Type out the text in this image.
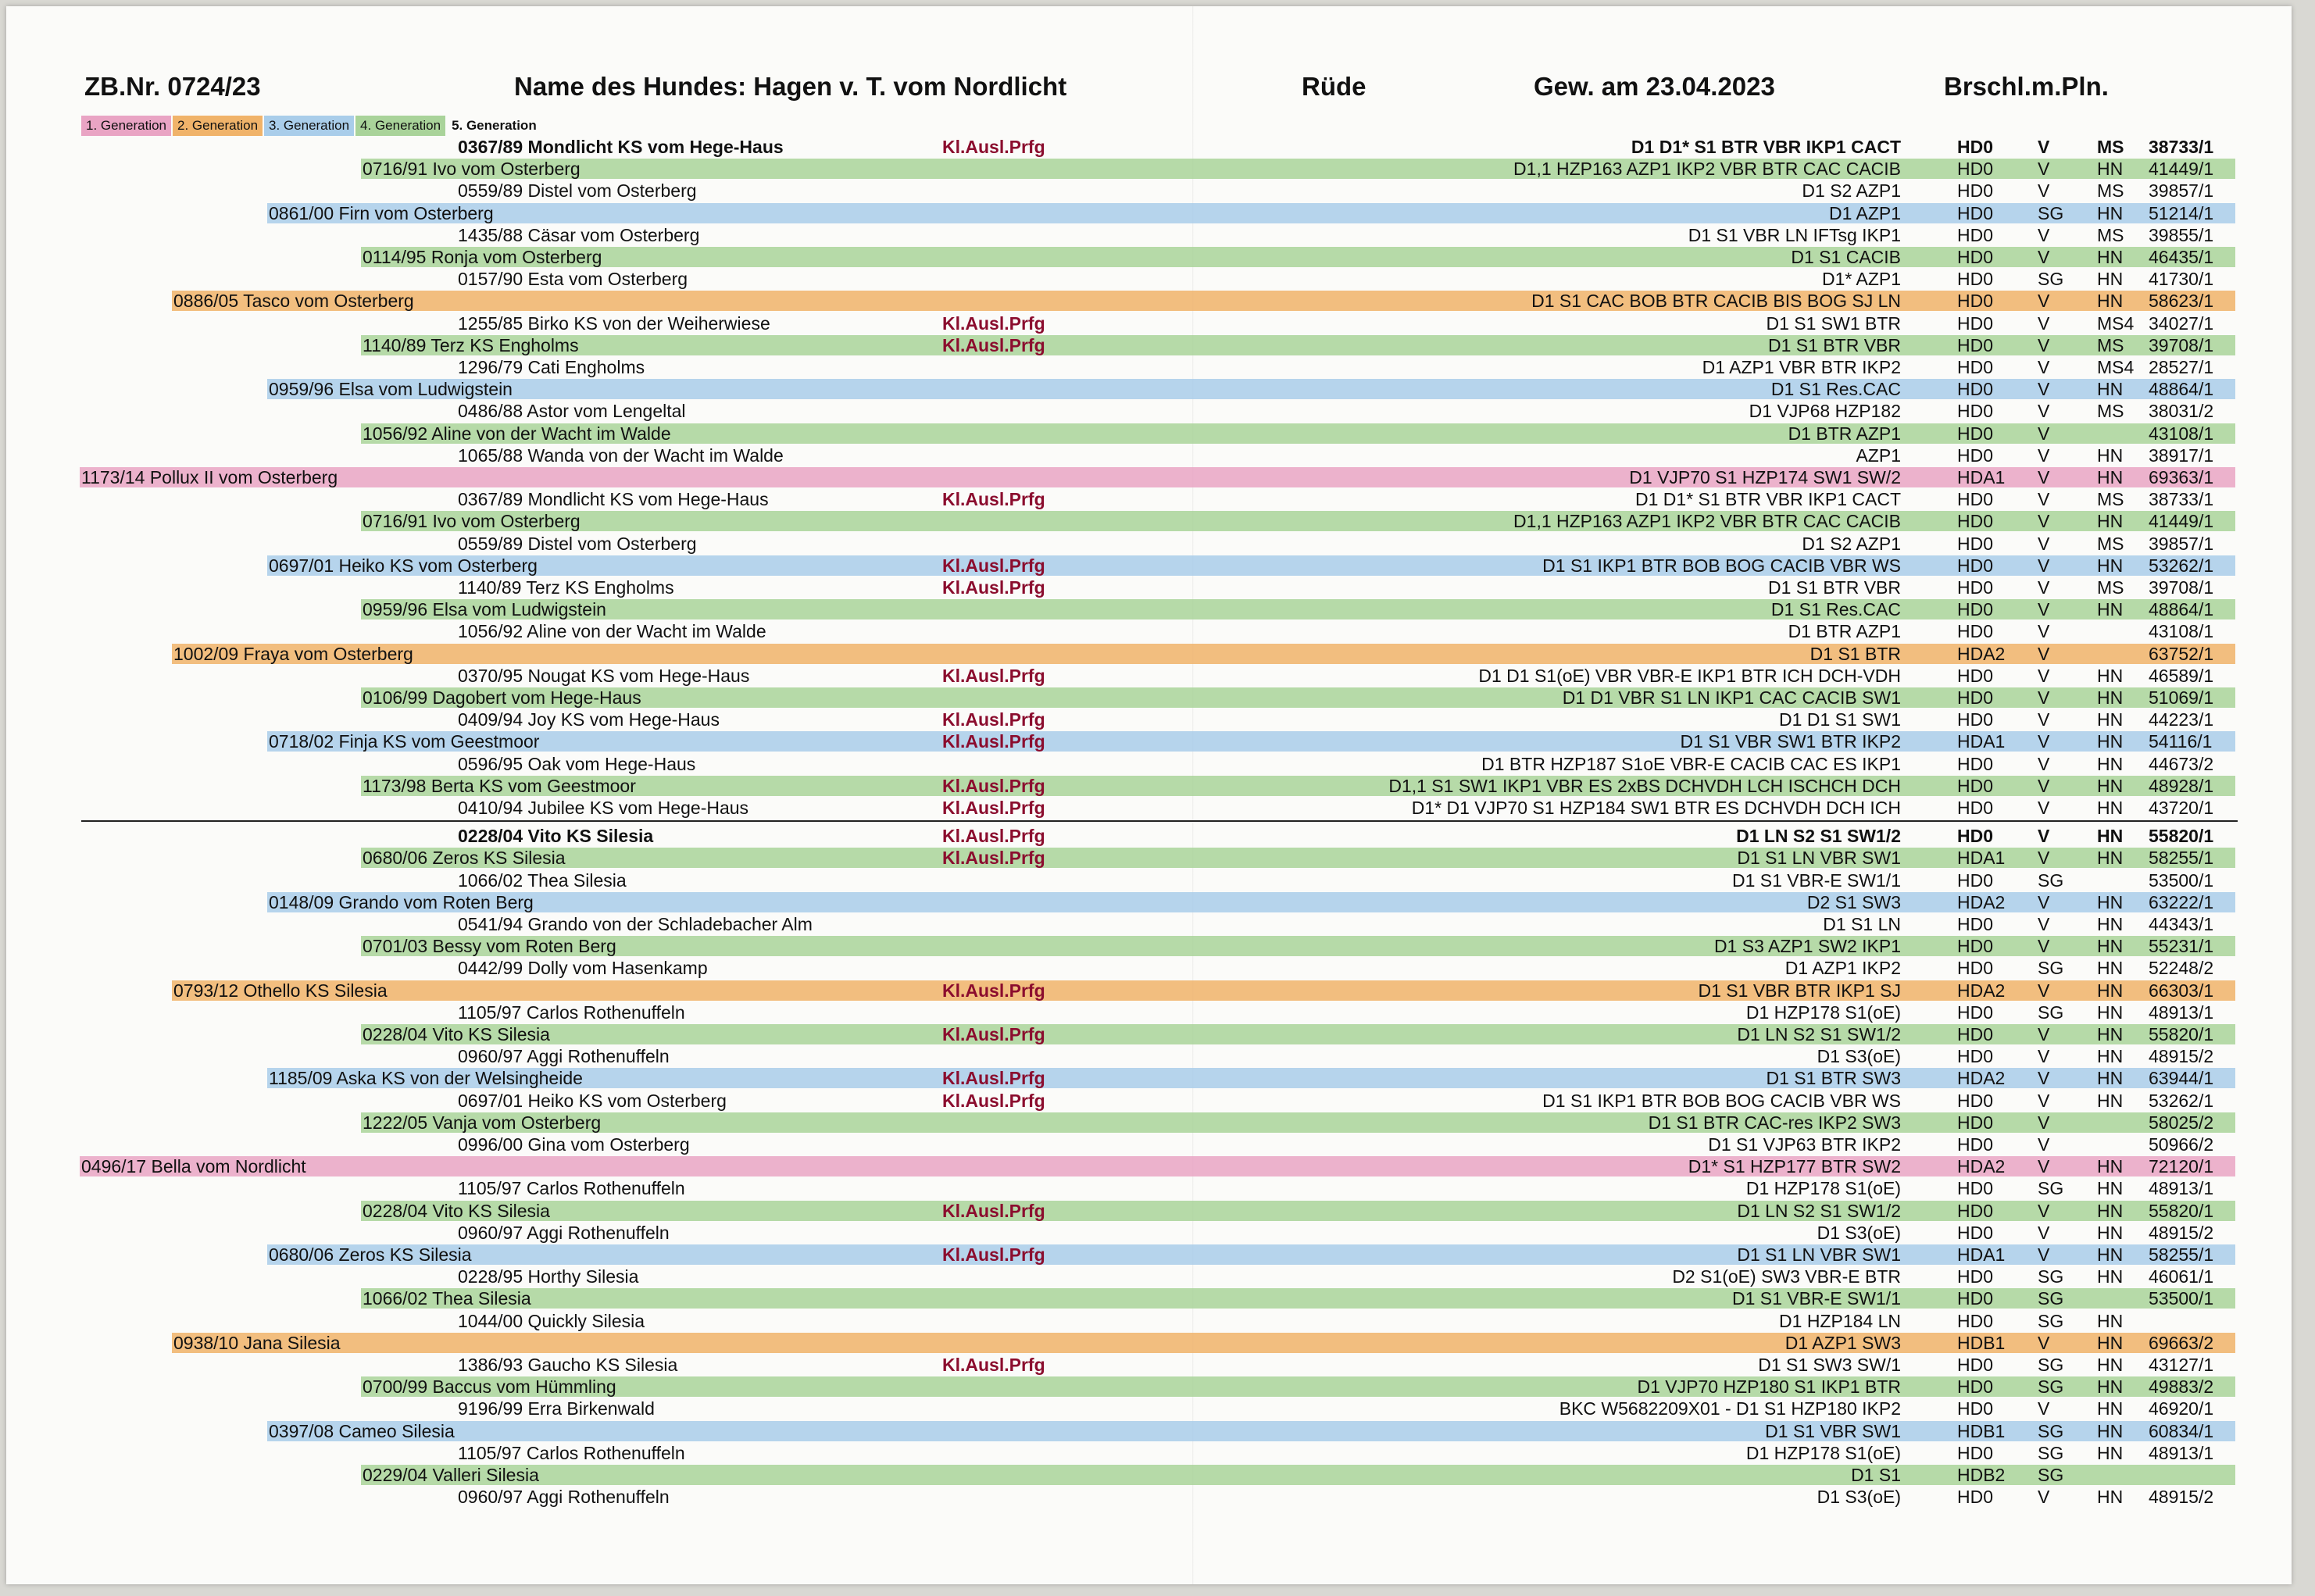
ZB.Nr. 0724/23	Name des Hundes: Hagen v. T. vom Nordlicht	Rüde	Gew. am 23.04.2023	Brschl.m.Pln.
1. Generation 2. Generation 3. Generation 4. Generation 5. Generation
0367/89 Mondlicht KS vom Hege-Haus	Kl.Ausl.Prfg	D1 D1* S1 BTR VBR IKP1 CACT	HD0 V	MS 38733/1
0716/91 Ivo vom Osterberg	D1,1 HZP163 AZP1 IKP2 VBR BTR CAC CACIB	HD0 V	HN 41449/1
0559/89 Distel vom Osterberg	D1 S2 AZP1	HD0 V	MS 39857/1
0861/00 Firn vom Osterberg	D1 AZP1	HD0 SG HN 51214/1
1435/88 Cäsar vom Osterberg	D1 S1 VBR LN IFTsg IKP1	HD0 V	MS 39855/1
0114/95 Ronja vom Osterberg	D1 S1 CACIB	HD0 V	HN 46435/1
0157/90 Esta vom Osterberg	D1* AZP1	HD0 SG HN 41730/1
0886/05 Tasco vom Osterberg	D1 S1 CAC BOB BTR CACIB BIS BOG SJ LN	HD0 V	HN 58623/1
1255/85 Birko KS von der Weiherwiese	Kl.Ausl.Prfg	D1 S1 SW1 BTR	HD0 V	MS4 34027/1
1140/89 Terz KS Engholms	Kl.Ausl.Prfg	D1 S1 BTR VBR	HD0 V	MS 39708/1
1296/79 Cati Engholms	D1 AZP1 VBR BTR IKP2	HD0 V	MS4 28527/1
0959/96 Elsa vom Ludwigstein	D1 S1 Res.CAC	HD0 V	HN 48864/1
0486/88 Astor vom Lengeltal	D1 VJP68 HZP182	HD0 V	MS 38031/2
1056/92 Aline von der Wacht im Walde	D1 BTR AZP1	HD0 V	43108/1
1065/88 Wanda von der Wacht im Walde	AZP1	HD0 V	HN 38917/1
1173/14 Pollux II vom Osterberg	D1 VJP70 S1 HZP174 SW1 SW/2	HDA1 V	HN 69363/1
0367/89 Mondlicht KS vom Hege-Haus	Kl.Ausl.Prfg	D1 D1* S1 BTR VBR IKP1 CACT	HD0 V	MS 38733/1
0716/91 Ivo vom Osterberg	D1,1 HZP163 AZP1 IKP2 VBR BTR CAC CACIB	HD0 V	HN 41449/1
0559/89 Distel vom Osterberg	D1 S2 AZP1	HD0 V	MS 39857/1
0697/01 Heiko KS vom Osterberg	Kl.Ausl.Prfg	D1 S1 IKP1 BTR BOB BOG CACIB VBR WS	HD0 V	HN 53262/1
1140/89 Terz KS Engholms	Kl.Ausl.Prfg	D1 S1 BTR VBR	HD0 V	MS 39708/1
0959/96 Elsa vom Ludwigstein	D1 S1 Res.CAC	HD0 V	HN 48864/1
1056/92 Aline von der Wacht im Walde	D1 BTR AZP1	HD0 V	43108/1
1002/09 Fraya vom Osterberg	D1 S1 BTR	HDA2 V	63752/1
0370/95 Nougat KS vom Hege-Haus	Kl.Ausl.Prfg	D1 D1 S1(oE) VBR VBR-E IKP1 BTR ICH DCH-VDH	HD0 V	HN 46589/1
0106/99 Dagobert vom Hege-Haus	D1 D1 VBR S1 LN IKP1 CAC CACIB SW1	HD0 V	HN 51069/1
0409/94 Joy KS vom Hege-Haus	Kl.Ausl.Prfg	D1 D1 S1 SW1	HD0 V	HN 44223/1
0718/02 Finja KS vom Geestmoor	Kl.Ausl.Prfg	D1 S1 VBR SW1 BTR IKP2	HDA1 V	HN 54116/1
0596/95 Oak vom Hege-Haus	D1 BTR HZP187 S1oE VBR-E CACIB CAC ES IKP1	HD0 V	HN 44673/2
1173/98 Berta KS vom Geestmoor	Kl.Ausl.Prfg	D1,1 S1 SW1 IKP1 VBR ES 2xBS DCHVDH LCH ISCHCH DCH	HD0 V	HN 48928/1
0410/94 Jubilee KS vom Hege-Haus	Kl.Ausl.Prfg	D1* D1 VJP70 S1 HZP184 SW1 BTR ES DCHVDH DCH ICH	HD0 V	HN 43720/1
0228/04 Vito KS Silesia	Kl.Ausl.Prfg	D1 LN S2 S1 SW1/2	HD0 V	HN 55820/1
0680/06 Zeros KS Silesia	Kl.Ausl.Prfg	D1 S1 LN VBR SW1	HDA1 V	HN 58255/1
1066/02 Thea Silesia	D1 S1 VBR-E SW1/1	HD0 SG	53500/1
0148/09 Grando vom Roten Berg	D2 S1 SW3	HDA2 V	HN 63222/1
0541/94 Grando von der Schladebacher Alm	D1 S1 LN	HD0 V	HN 44343/1
0701/03 Bessy vom Roten Berg	D1 S3 AZP1 SW2 IKP1	HD0 V	HN 55231/1
0442/99 Dolly vom Hasenkamp	D1 AZP1 IKP2	HD0 SG HN 52248/2
0793/12 Othello KS Silesia	Kl.Ausl.Prfg	D1 S1 VBR BTR IKP1 SJ	HDA2 V	HN 66303/1
1105/97 Carlos Rothenuffeln	D1 HZP178 S1(oE)	HD0 SG HN 48913/1
0228/04 Vito KS Silesia	Kl.Ausl.Prfg	D1 LN S2 S1 SW1/2	HD0 V	HN 55820/1
0960/97 Aggi Rothenuffeln	D1 S3(oE)	HD0 V	HN 48915/2
1185/09 Aska KS von der Welsingheide	Kl.Ausl.Prfg	D1 S1 BTR SW3	HDA2 V	HN 63944/1
0697/01 Heiko KS vom Osterberg	Kl.Ausl.Prfg	D1 S1 IKP1 BTR BOB BOG CACIB VBR WS	HD0 V	HN 53262/1
1222/05 Vanja vom Osterberg	D1 S1 BTR CAC-res IKP2 SW3	HD0 V	58025/2
0996/00 Gina vom Osterberg	D1 S1 VJP63 BTR IKP2	HD0 V	50966/2
0496/17 Bella vom Nordlicht	D1* S1 HZP177 BTR SW2	HDA2 V	HN 72120/1
1105/97 Carlos Rothenuffeln	D1 HZP178 S1(oE)	HD0 SG HN 48913/1
0228/04 Vito KS Silesia	Kl.Ausl.Prfg	D1 LN S2 S1 SW1/2	HD0 V	HN 55820/1
0960/97 Aggi Rothenuffeln	D1 S3(oE)	HD0 V	HN 48915/2
0680/06 Zeros KS Silesia	Kl.Ausl.Prfg	D1 S1 LN VBR SW1	HDA1 V	HN 58255/1
0228/95 Horthy Silesia	D2 S1(oE) SW3 VBR-E BTR	HD0 SG HN 46061/1
1066/02 Thea Silesia	D1 S1 VBR-E SW1/1	HD0 SG	53500/1
1044/00 Quickly Silesia	D1 HZP184 LN	HD0 SG HN
0938/10 Jana Silesia	D1 AZP1 SW3	HDB1 V	HN 69663/2
1386/93 Gaucho KS Silesia	Kl.Ausl.Prfg	D1 S1 SW3 SW/1	HD0 SG HN 43127/1
0700/99 Baccus vom Hümmling	D1 VJP70 HZP180 S1 IKP1 BTR	HD0 SG HN 49883/2
9196/99 Erra Birkenwald	BKC W5682209X01 - D1 S1 HZP180 IKP2	HD0 V	HN 46920/1
0397/08 Cameo Silesia	D1 S1 VBR SW1	HDB1 SG HN 60834/1
1105/97 Carlos Rothenuffeln	D1 HZP178 S1(oE)	HD0 SG HN 48913/1
0229/04 Valleri Silesia	D1 S1	HDB2 SG
0960/97 Aggi Rothenuffeln	D1 S3(oE)	HD0 V	HN 48915/2
